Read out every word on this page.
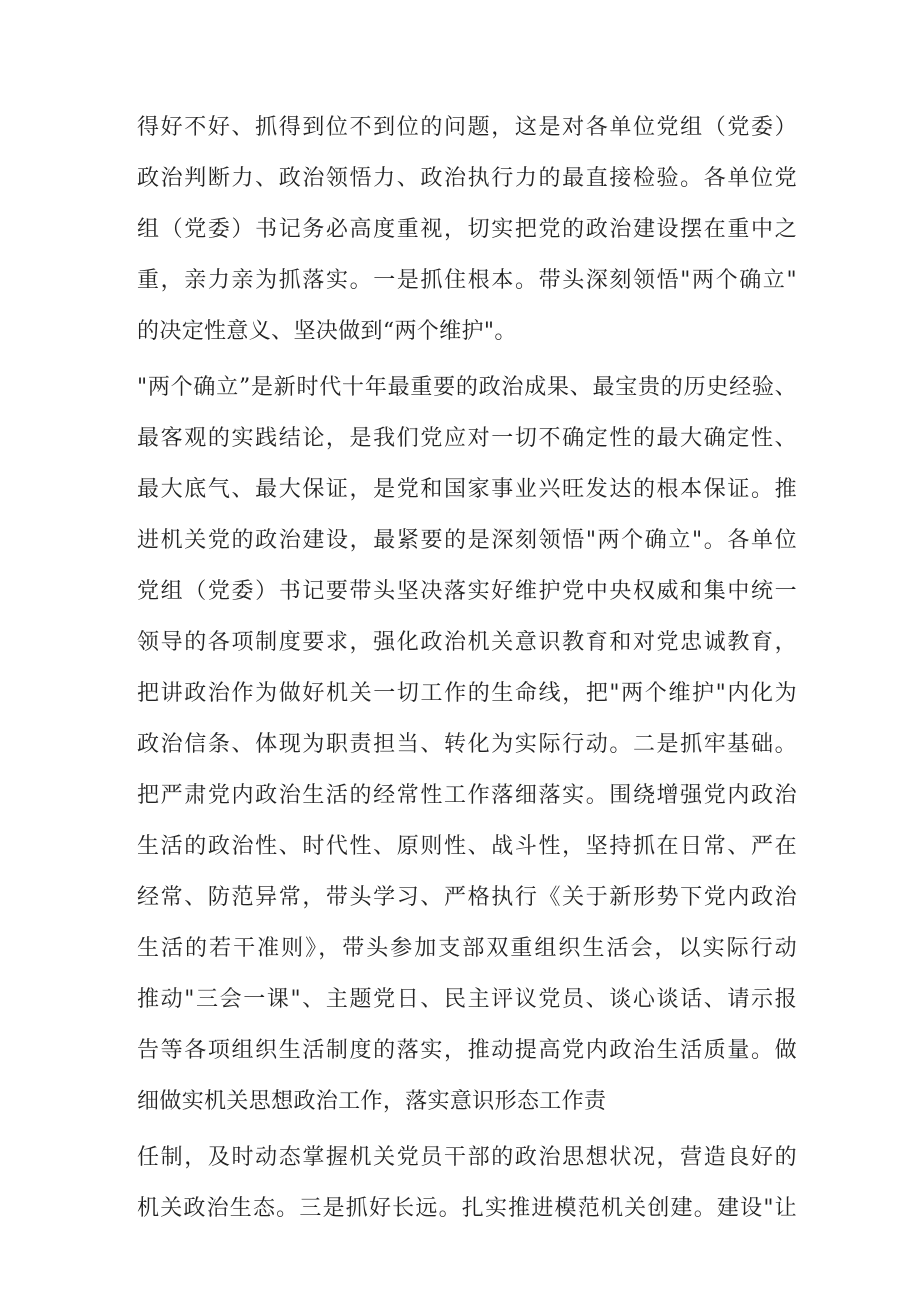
得好不好、抓得到位不到位的问题，这是对各单位党组（党委）
政治判断力、政治领悟力、政治执行力的最直接检验。各单位党
组（党委）书记务必高度重视，切实把党的政治建设摆在重中之
重，亲力亲为抓落实。一是抓住根本。带头深刻领悟"两个确立"
的决定性意义、坚决做到“两个维护"。
"两个确立”是新时代十年最重要的政治成果、最宝贵的历史经验、
最客观的实践结论，是我们党应对一切不确定性的最大确定性、
最大底气、最大保证，是党和国家事业兴旺发达的根本保证。推
进机关党的政治建设，最紧要的是深刻领悟"两个确立"。各单位
党组（党委）书记要带头坚决落实好维护党中央权威和集中统一
领导的各项制度要求，强化政治机关意识教育和对党忠诚教育，
把讲政治作为做好机关一切工作的生命线，把"两个维护"内化为
政治信条、体现为职责担当、转化为实际行动。二是抓牢基础。
把严肃党内政治生活的经常性工作落细落实。围绕增强党内政治
生活的政治性、时代性、原则性、战斗性，坚持抓在日常、严在
经常、防范异常，带头学习、严格执行《关于新形势下党内政治
生活的若干准则》，带头参加支部双重组织生活会，以实际行动
推动"三会一课"、主题党日、民主评议党员、谈心谈话、请示报
告等各项组织生活制度的落实，推动提高党内政治生活质量。做
细做实机关思想政治工作，落实意识形态工作责
任制，及时动态掌握机关党员干部的政治思想状况，营造良好的
机关政治生态。三是抓好长远。扎实推进模范机关创建。建设"让
